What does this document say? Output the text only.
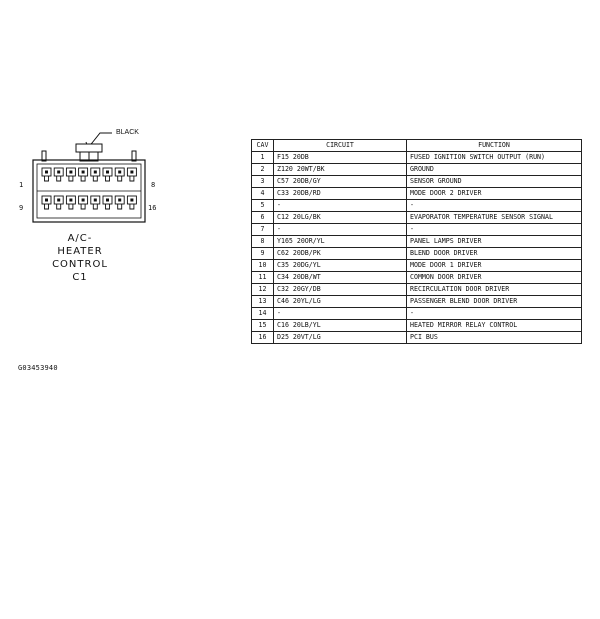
BLACK
1	8
9	16
A/C-
HEATER
CONTROL
C1
G03453940
CAV	CIRCUIT	FUNCTION
1	F15 20DB	FUSED IGNITION SWITCH OUTPUT (RUN)
2	Z120 20WT/BK	GROUND
3	C57 20DB/GY	SENSOR GROUND
4	C33 20DB/RD	MODE DOOR 2 DRIVER
5	-	-
6	C12 20LG/BK	EVAPORATOR TEMPERATURE SENSOR SIGNAL
7	-	-
8	Y165 20OR/YL	PANEL LAMPS DRIVER
9	C62 20DB/PK	BLEND DOOR DRIVER
10	C35 20DG/YL	MODE DOOR 1 DRIVER
11	C34 20DB/WT	COMMON DOOR DRIVER
12	C32 20GY/DB	RECIRCULATION DOOR DRIVER
13	C46 20YL/LG	PASSENGER BLEND DOOR DRIVER
14	-	-
15	C16 20LB/YL	HEATED MIRROR RELAY CONTROL
16	D25 20VT/LG	PCI BUS
